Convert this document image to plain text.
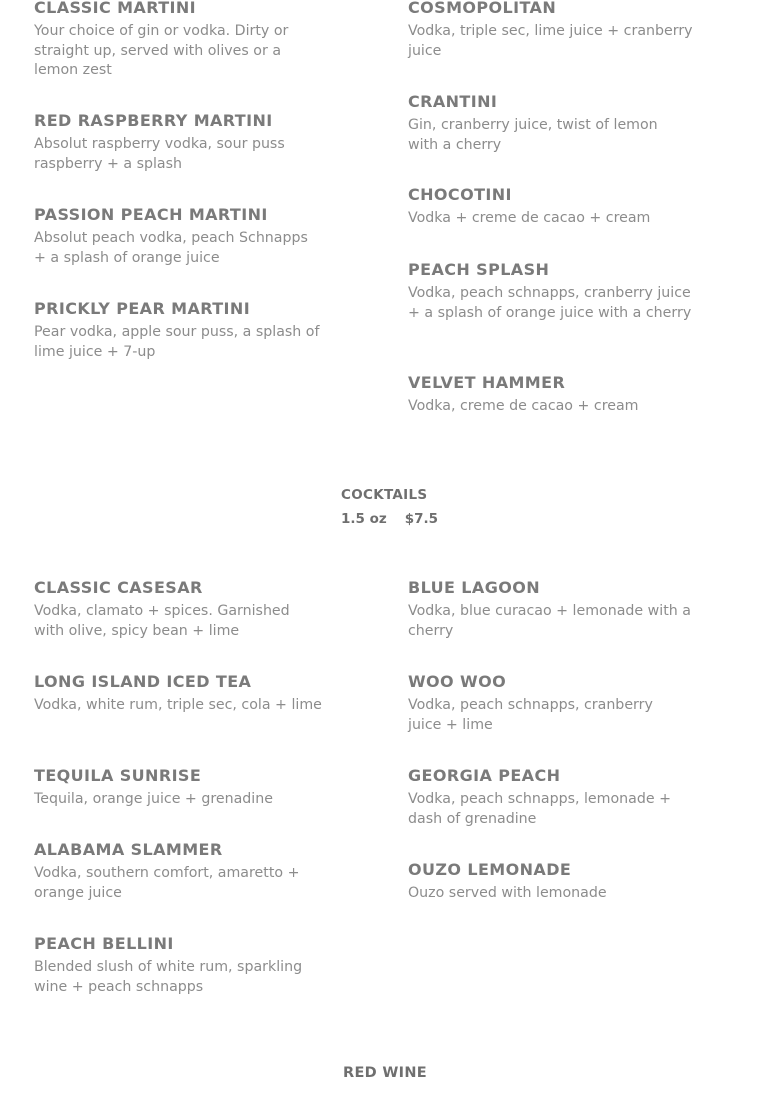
CLASSIC MARTINI
Your choice of gin or vodka. Dirty or straight up, served with olives or a lemon zest
RED RASPBERRY MARTINI
Absolut raspberry vodka, sour puss raspberry + a splash
PASSION PEACH MARTINI
Absolut peach vodka, peach Schnapps + a splash of orange juice
PRICKLY PEAR MARTINI
Pear vodka, apple sour puss, a splash of lime juice + 7-up
COSMOPOLITAN
Vodka, triple sec, lime juice + cranberry juice
CRANTINI
Gin, cranberry juice, twist of lemon with a cherry
CHOCOTINI
Vodka + creme de cacao + cream
PEACH SPLASH
Vodka, peach schnapps, cranberry juice + a splash of orange juice with a cherry
VELVET HAMMER
Vodka, creme de cacao + cream
COCKTAILS
1.5 oz $7.5
CLASSIC CASESAR
Vodka, clamato + spices. Garnished with olive, spicy bean + lime
LONG ISLAND ICED TEA
Vodka, white rum, triple sec, cola + lime
TEQUILA SUNRISE
Tequila, orange juice + grenadine
ALABAMA SLAMMER
Vodka, southern comfort, amaretto + orange juice
PEACH BELLINI
Blended slush of white rum, sparkling wine + peach schnapps
BLUE LAGOON
Vodka, blue curacao + lemonade with a cherry
WOO WOO
Vodka, peach schnapps, cranberry juice + lime
GEORGIA PEACH
Vodka, peach schnapps, lemonade + dash of grenadine
OUZO LEMONADE
Ouzo served with lemonade
RED WINE
